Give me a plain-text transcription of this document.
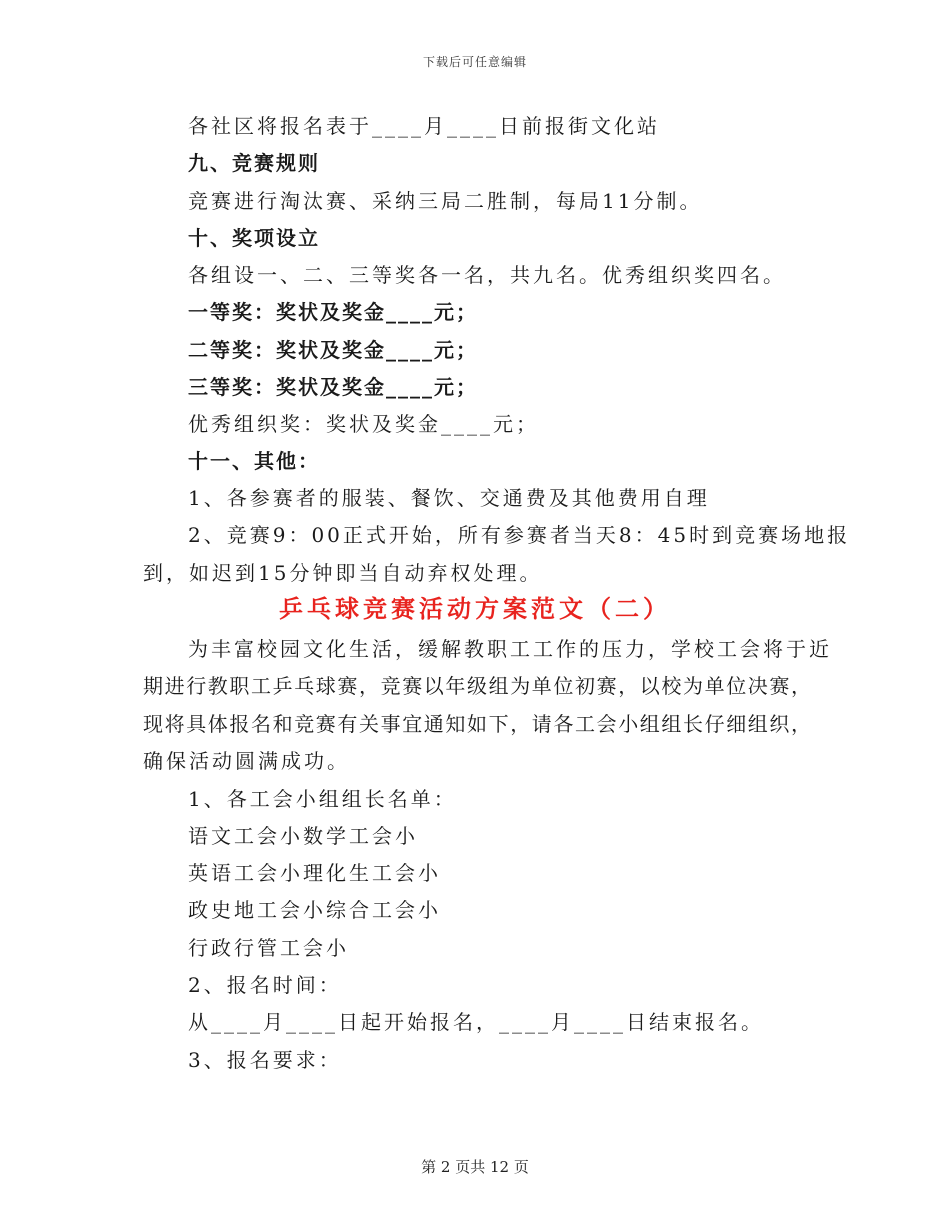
下载后可任意编辑
各社区将报名表于____月____日前报街文化站
九、竞赛规则
竞赛进行淘汰赛、采纳三局二胜制，每局11分制。
十、奖项设立
各组设一、二、三等奖各一名，共九名。优秀组织奖四名。
一等奖：奖状及奖金____元；
二等奖：奖状及奖金____元；
三等奖：奖状及奖金____元；
优秀组织奖：奖状及奖金____元；
十一、其他：
1、各参赛者的服装、餐饮、交通费及其他费用自理
2、竞赛9：00正式开始，所有参赛者当天8：45时到竞赛场地报
到，如迟到15分钟即当自动弃权处理。
乒乓球竞赛活动方案范文（二）
为丰富校园文化生活，缓解教职工工作的压力，学校工会将于近
期进行教职工乒乓球赛，竞赛以年级组为单位初赛，以校为单位决赛，
现将具体报名和竞赛有关事宜通知如下，请各工会小组组长仔细组织，
确保活动圆满成功。
1、各工会小组组长名单：
语文工会小数学工会小
英语工会小理化生工会小
政史地工会小综合工会小
行政行管工会小
2、报名时间：
从____月____日起开始报名，____月____日结束报名。
3、报名要求：
第 2 页共 12 页
